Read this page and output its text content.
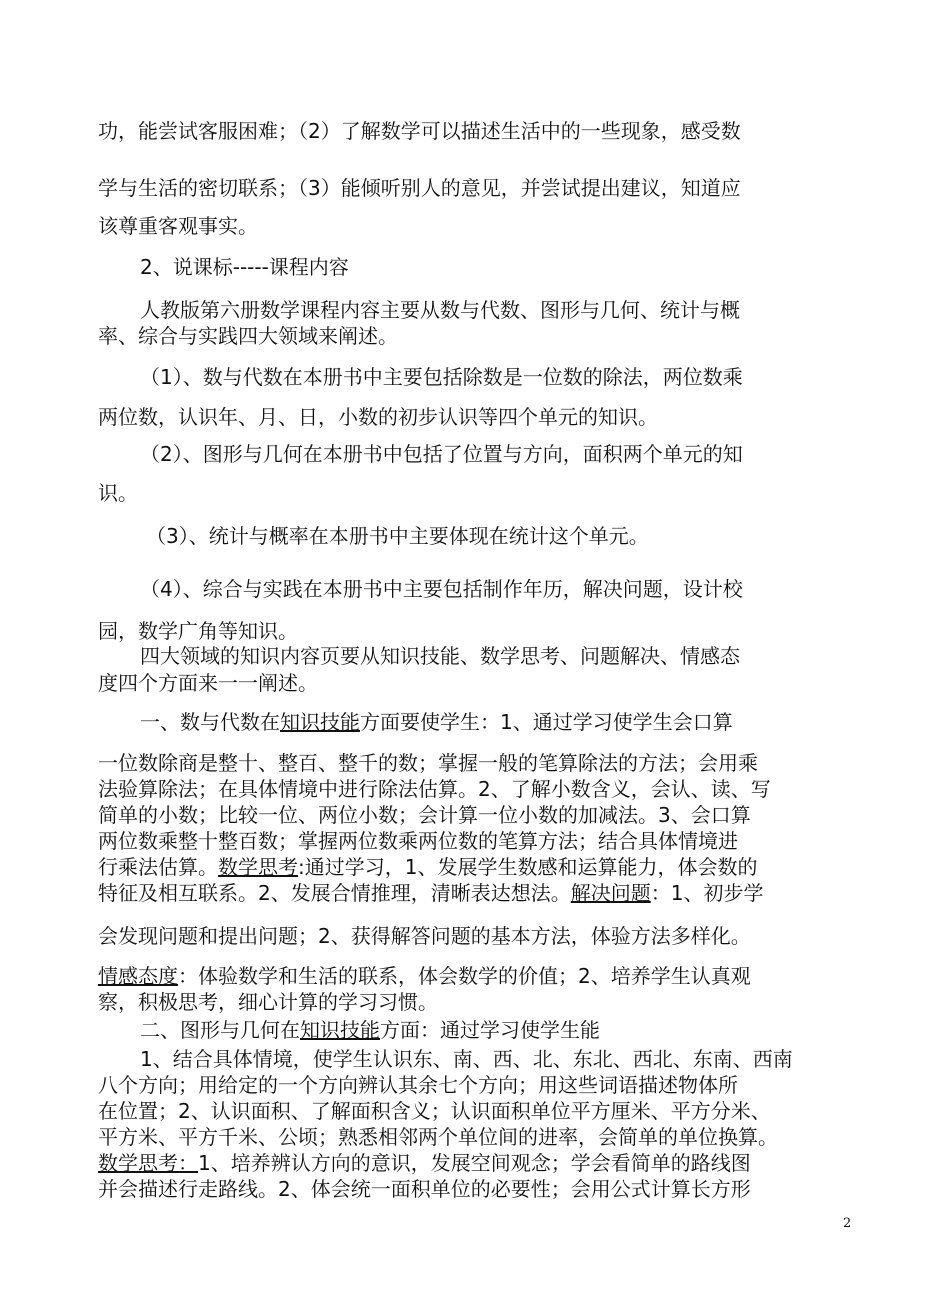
功，能尝试客服困难；（2）了解数学可以描述生活中的一些现象，感受数
学与生活的密切联系；（3）能倾听别人的意见，并尝试提出建议，知道应
该尊重客观事实。
2、说课标-----课程内容
人教版第六册数学课程内容主要从数与代数、图形与几何、统计与概
率、综合与实践四大领域来阐述。
（1）、数与代数在本册书中主要包括除数是一位数的除法，两位数乘
两位数，认识年、月、日，小数的初步认识等四个单元的知识。
（2）、图形与几何在本册书中包括了位置与方向，面积两个单元的知
识。
（3）、统计与概率在本册书中主要体现在统计这个单元。
（4）、综合与实践在本册书中主要包括制作年历，解决问题，设计校
园，数学广角等知识。
四大领域的知识内容页要从知识技能、数学思考、问题解决、情感态
度四个方面来一一阐述。
一、数与代数在知识技能方面要使学生：1、通过学习使学生会口算
一位数除商是整十、整百、整千的数；掌握一般的笔算除法的方法；会用乘
法验算除法；在具体情境中进行除法估算。2、了解小数含义，会认、读、写
简单的小数；比较一位、两位小数；会计算一位小数的加减法。3、会口算
两位数乘整十整百数；掌握两位数乘两位数的笔算方法；结合具体情境进
行乘法估算。数学思考:通过学习，1、发展学生数感和运算能力，体会数的
特征及相互联系。2、发展合情推理，清晰表达想法。解决问题：1、初步学
会发现问题和提出问题；2、获得解答问题的基本方法，体验方法多样化。
情感态度：体验数学和生活的联系，体会数学的价值；2、培养学生认真观
察，积极思考，细心计算的学习习惯。
二、图形与几何在知识技能方面：通过学习使学生能
1、结合具体情境，使学生认识东、南、西、北、东北、西北、东南、西南
八个方向；用给定的一个方向辨认其余七个方向；用这些词语描述物体所
在位置；2、认识面积、了解面积含义；认识面积单位平方厘米、平方分米、
平方米、平方千米、公顷；熟悉相邻两个单位间的进率，会简单的单位换算。
数学思考：1、培养辨认方向的意识，发展空间观念；学会看简单的路线图
并会描述行走路线。2、体会统一面积单位的必要性；会用公式计算长方形
2
